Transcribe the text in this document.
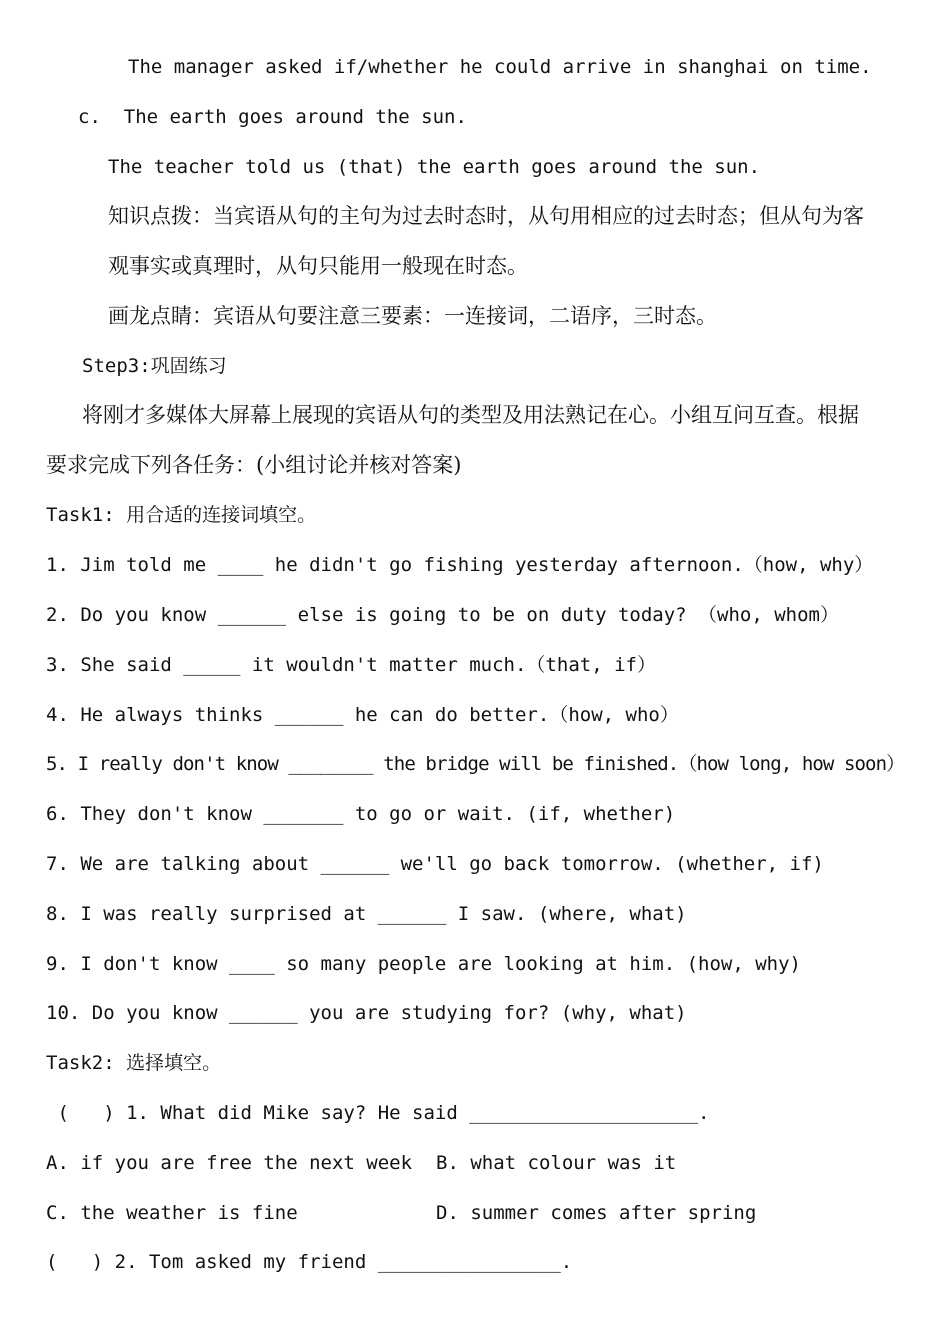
The manager asked if/whether he could arrive in shanghai on time.
c.  The earth goes around the sun.
The teacher told us (that) the earth goes around the sun.
知识点拨：当宾语从句的主句为过去时态时，从句用相应的过去时态；但从句为客
观事实或真理时，从句只能用一般现在时态。
画龙点睛：宾语从句要注意三要素：一连接词，二语序，三时态。
Step3:巩固练习
将刚才多媒体大屏幕上展现的宾语从句的类型及用法熟记在心。小组互问互查。根据
要求完成下列各任务：(小组讨论并核对答案)
Task1: 用合适的连接词填空。
1. Jim told me ____ he didn't go fishing yesterday afternoon.（how, why）
2. Do you know ______ else is going to be on duty today? （who, whom）
3. She said _____ it wouldn't matter much.（that, if）
4. He always thinks ______ he can do better.（how, who）
5. I really don't know ________ the bridge will be finished.（how long, how soon）
6. They don't know _______ to go or wait. (if, whether)
7. We are talking about ______ we'll go back tomorrow. (whether, if)
8. I was really surprised at ______ I saw. (where, what)
9. I don't know ____ so many people are looking at him. (how, why)
10. Do you know ______ you are studying for? (why, what)
Task2: 选择填空。
(   ) 1. What did Mike say? He said ____________________.
A. if you are free the next week B. what colour was it
C. the weather is fine	D. summer comes after spring
(   ) 2. Tom asked my friend ________________.
